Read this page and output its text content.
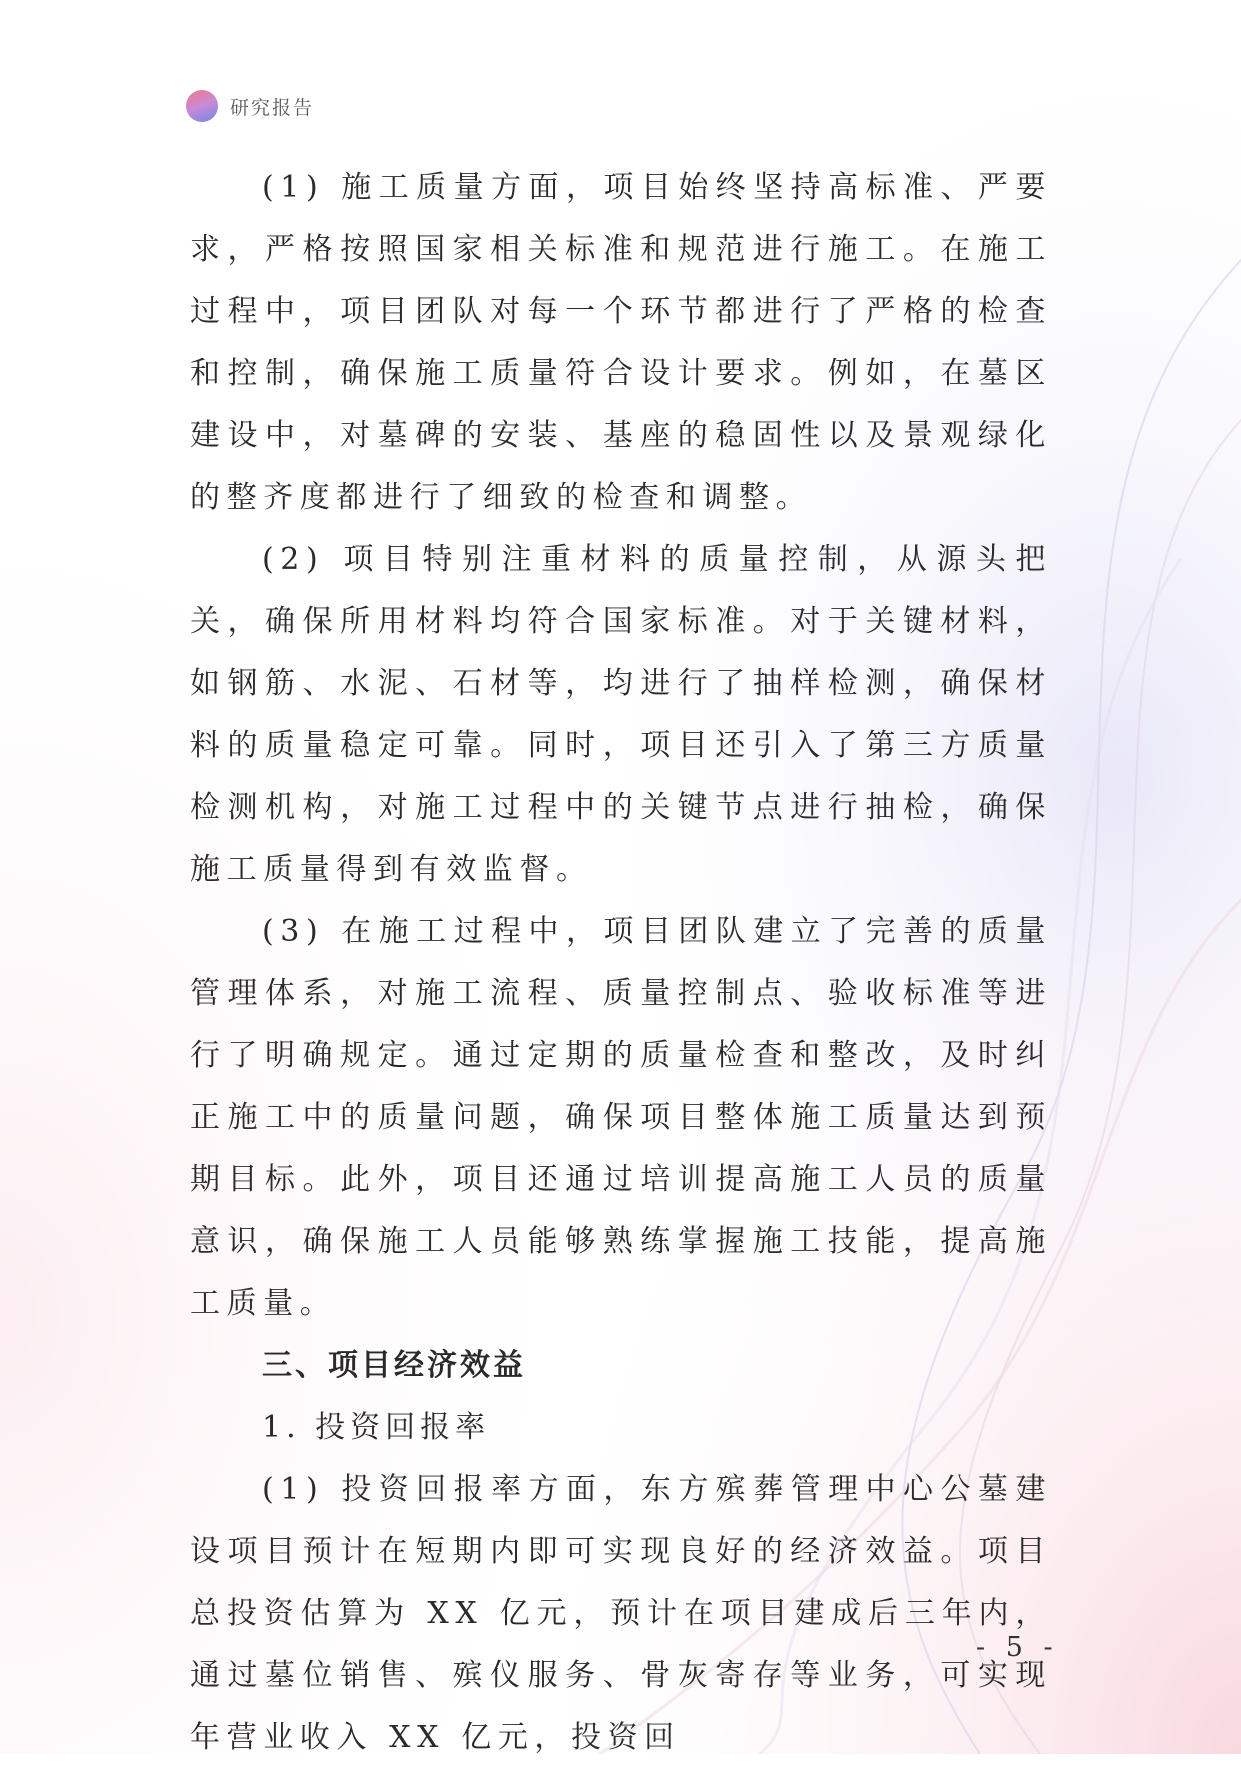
研究报告

(1) 施工质量方面，项目始终坚持高标准、严要求，严格按照国家相关标准和规范进行施工。在施工过程中，项目团队对每一个环节都进行了严格的检查和控制，确保施工质量符合设计要求。例如，在墓区建设中，对墓碑的安装、基座的稳固性以及景观绿化的整齐度都进行了细致的检查和调整。

(2) 项目特别注重材料的质量控制，从源头把关，确保所用材料均符合国家标准。对于关键材料，如钢筋、水泥、石材等，均进行了抽样检测，确保材料的质量稳定可靠。同时，项目还引入了第三方质量检测机构，对施工过程中的关键节点进行抽检，确保施工质量得到有效监督。

(3) 在施工过程中，项目团队建立了完善的质量管理体系，对施工流程、质量控制点、验收标准等进行了明确规定。通过定期的质量检查和整改，及时纠正施工中的质量问题，确保项目整体施工质量达到预期目标。此外，项目还通过培训提高施工人员的质量意识，确保施工人员能够熟练掌握施工技能，提高施工质量。

三、项目经济效益

1. 投资回报率

(1) 投资回报率方面，东方殡葬管理中心公墓建设项目预计在短期内即可实现良好的经济效益。项目总投资估算为 XX 亿元，预计在项目建成后三年内，通过墓位销售、殡仪服务、骨灰寄存等业务，可实现年营业收入 XX 亿元，投资回

- 5 -
